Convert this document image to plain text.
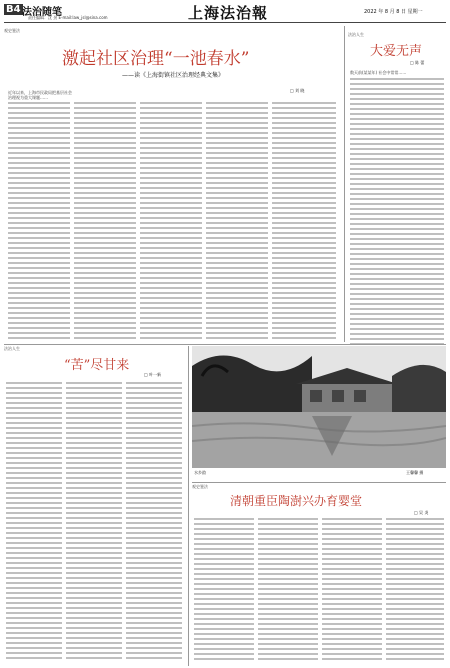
B4 法治随笔
责任编辑：沈 劲 E-mail:law_jsl@sina.com	上海法治報	2022 年 8 月 8 日 星期一
观史鉴法
激起社区治理“一池春水”
——读《上海街镇社区治理经典文集》
□ 刘 晓
近年以来，上海市民政局把基层社会治理视为重大课题……
法治人生
大爱无声
□ 陈 蕾
数天前(某某年) 社会中常常……
法治人生
“苦”尽甘来
□ 叶一新
水乡韵	王馨馨 摄
观史鉴法
清朝重臣陶澍兴办育婴堂
□ 吴 炎
